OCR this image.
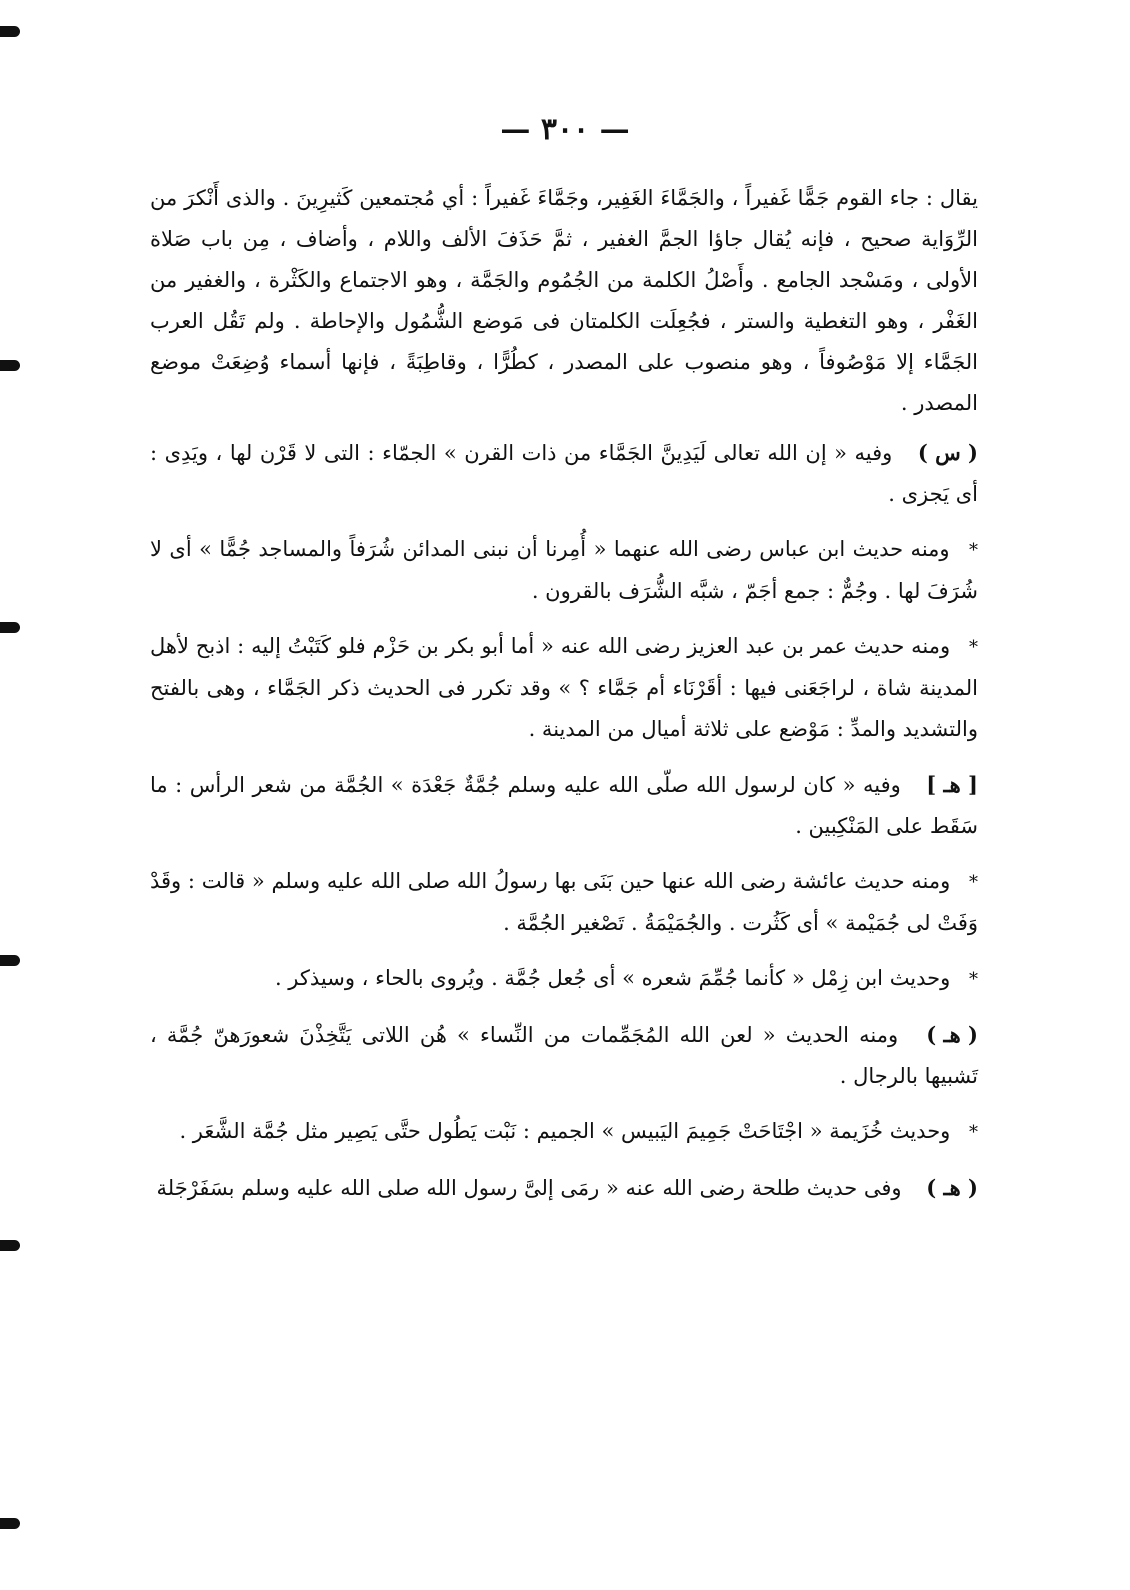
— ٣٠٠ —

يقال : جاء القوم جَمًّا غَفيراً ، والجَمَّاءَ الغَفِير، وجَمَّاءَ غَفيراً : أي مُجتمعين كَثيرِينَ . والذى أَنْكرَ من الرِّوَاية صحيح ، فإنه يُقال جاؤا الجمَّ الغفير ، ثمَّ حَذَفَ الألف واللام ، وأضاف ، مِن باب صَلاة الأولى ، ومَسْجد الجامع . وأَصْلُ الكلمة من الجُمُوم والجَمَّة ، وهو الاجتماع والكَثْرة ، والغفير من الغَفْر ، وهو التغطية والستر ، فجُعِلَت الكلمتان فى مَوضع الشُّمُول والإحاطة . ولم تَقُل العرب الجَمَّاء إلا مَوْصُوفاً ، وهو منصوب على المصدر ، كطُرًّا ، وقاطِبَةً ، فإنها أسماء وُضِعَتْ موضع المصدر .

( س ) وفيه « إن الله تعالى لَيَدِينَّ الجَمَّاء من ذات القرن » الجمّاء : التى لا قَرْن لها ، ويَدِى : أى يَجزى .

* ومنه حديث ابن عباس رضى الله عنهما « أُمِرنا أن نبنى المدائن شُرَفاً والمساجد جُمًّا » أى لا شُرَفَ لها . وجُمٌّ : جمع أجَمّ ، شبَّه الشُّرَف بالقرون .

* ومنه حديث عمر بن عبد العزيز رضى الله عنه « أما أبو بكر بن حَزْم فلو كَتَبْتُ إليه : اذبح لأهل المدينة شاة ، لراجَعَنى فيها : أقَرْنَاء أم جَمَّاء ؟ » وقد تكرر فى الحديث ذكر الجَمَّاء ، وهى بالفتح والتشديد والمدِّ : مَوْضع على ثلاثة أميال من المدينة .

[ هـ ] وفيه « كان لرسول الله صلّى الله عليه وسلم جُمَّةٌ جَعْدَة » الجُمَّة من شعر الرأس : ما سَقَط على المَنْكِبين .

* ومنه حديث عائشة رضى الله عنها حين بَنَى بها رسولُ الله صلى الله عليه وسلم « قالت : وقَدْ وَفَتْ لى جُمَيْمة » أى كَثُرت . والجُمَيْمَةُ . تَصْغير الجُمَّة .

* وحديث ابن زِمْل « كأنما جُمِّمَ شعره » أى جُعل جُمَّة . ويُروى بالحاء ، وسيذكر .

( هـ ) ومنه الحديث « لعن الله المُجَمِّمات من النِّساء » هُن اللاتى يَتَّخِذْنَ شعورَهنّ جُمَّة ، تَشبيها بالرجال .

* وحديث خُزَيمة « اجْتَاحَتْ جَمِيمَ اليَبيس » الجميم : نَبْت يَطُول حتَّى يَصِير مثل جُمَّة الشَّعَر .

( هـ ) وفى حديث طلحة رضى الله عنه « رمَى إلىَّ رسول الله صلى الله عليه وسلم بسَفَرْجَلة
